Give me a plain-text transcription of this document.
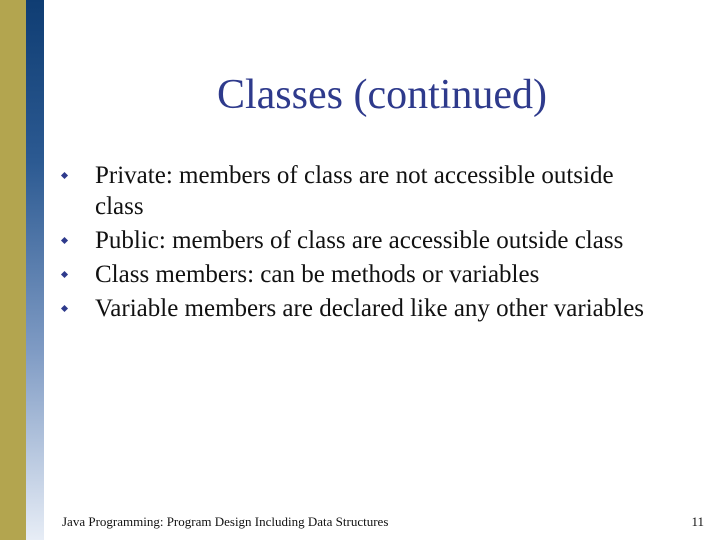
Classes (continued)
Private: members of class are not accessible outside class
Public: members of class are accessible outside class
Class members: can be methods or variables
Variable members are declared like any other variables
Java Programming: Program Design Including Data Structures	11
